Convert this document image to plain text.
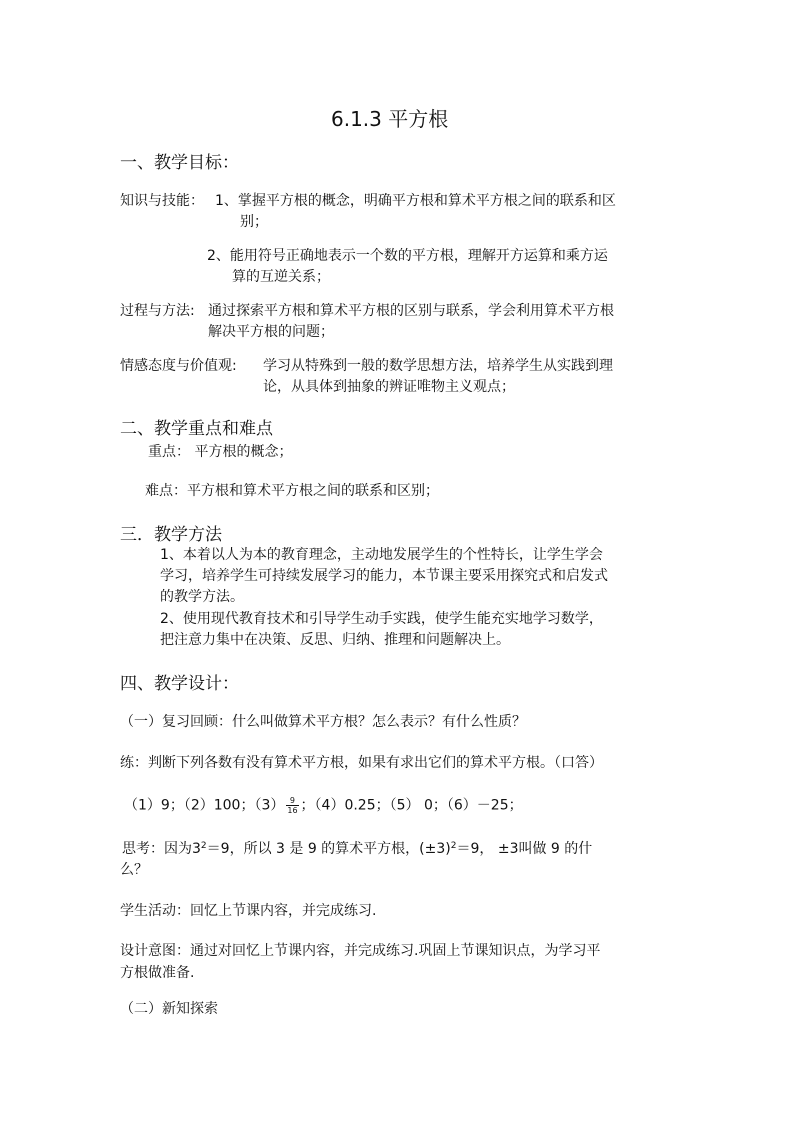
6.1.3 平方根
一、教学目标：
知识与技能： 1、掌握平方根的概念，明确平方根和算术平方根之间的联系和区
别；
2、能用符号正确地表示一个数的平方根，理解开方运算和乘方运
算的互逆关系；
过程与方法: 通过探索平方根和算术平方根的区别与联系，学会利用算术平方根
解决平方根的问题；
情感态度与价值观: 学习从特殊到一般的数学思想方法，培养学生从实践到理
论，从具体到抽象的辨证唯物主义观点；
二、教学重点和难点
重点： 平方根的概念；
难点：平方根和算术平方根之间的联系和区别；
三．教学方法
1、本着以人为本的教育理念，主动地发展学生的个性特长，让学生学会
学习，培养学生可持续发展学习的能力，本节课主要采用探究式和启发式
的教学方法。
2、使用现代教育技术和引导学生动手实践，使学生能充实地学习数学，
把注意力集中在决策、反思、归纳、推理和问题解决上。
四、教学设计：
（一）复习回顾：什么叫做算术平方根？怎么表示？有什么性质？
练：判断下列各数有没有算术平方根，如果有求出它们的算术平方根。（口答）
（1）9；（2）100；$(3) \frac{9}{16}$ ；（4）0.25；（5） 0；（6）－25；
思考：因为$3^2=9$，所以 3 是 9 的算术平方根，$(\pm 3)^2=9$， ±3叫做 9 的什
么？
学生活动：回忆上节课内容，并完成练习.
设计意图：通过对回忆上节课内容，并完成练习.巩固上节课知识点，为学习平
方根做准备.
（二）新知探索
